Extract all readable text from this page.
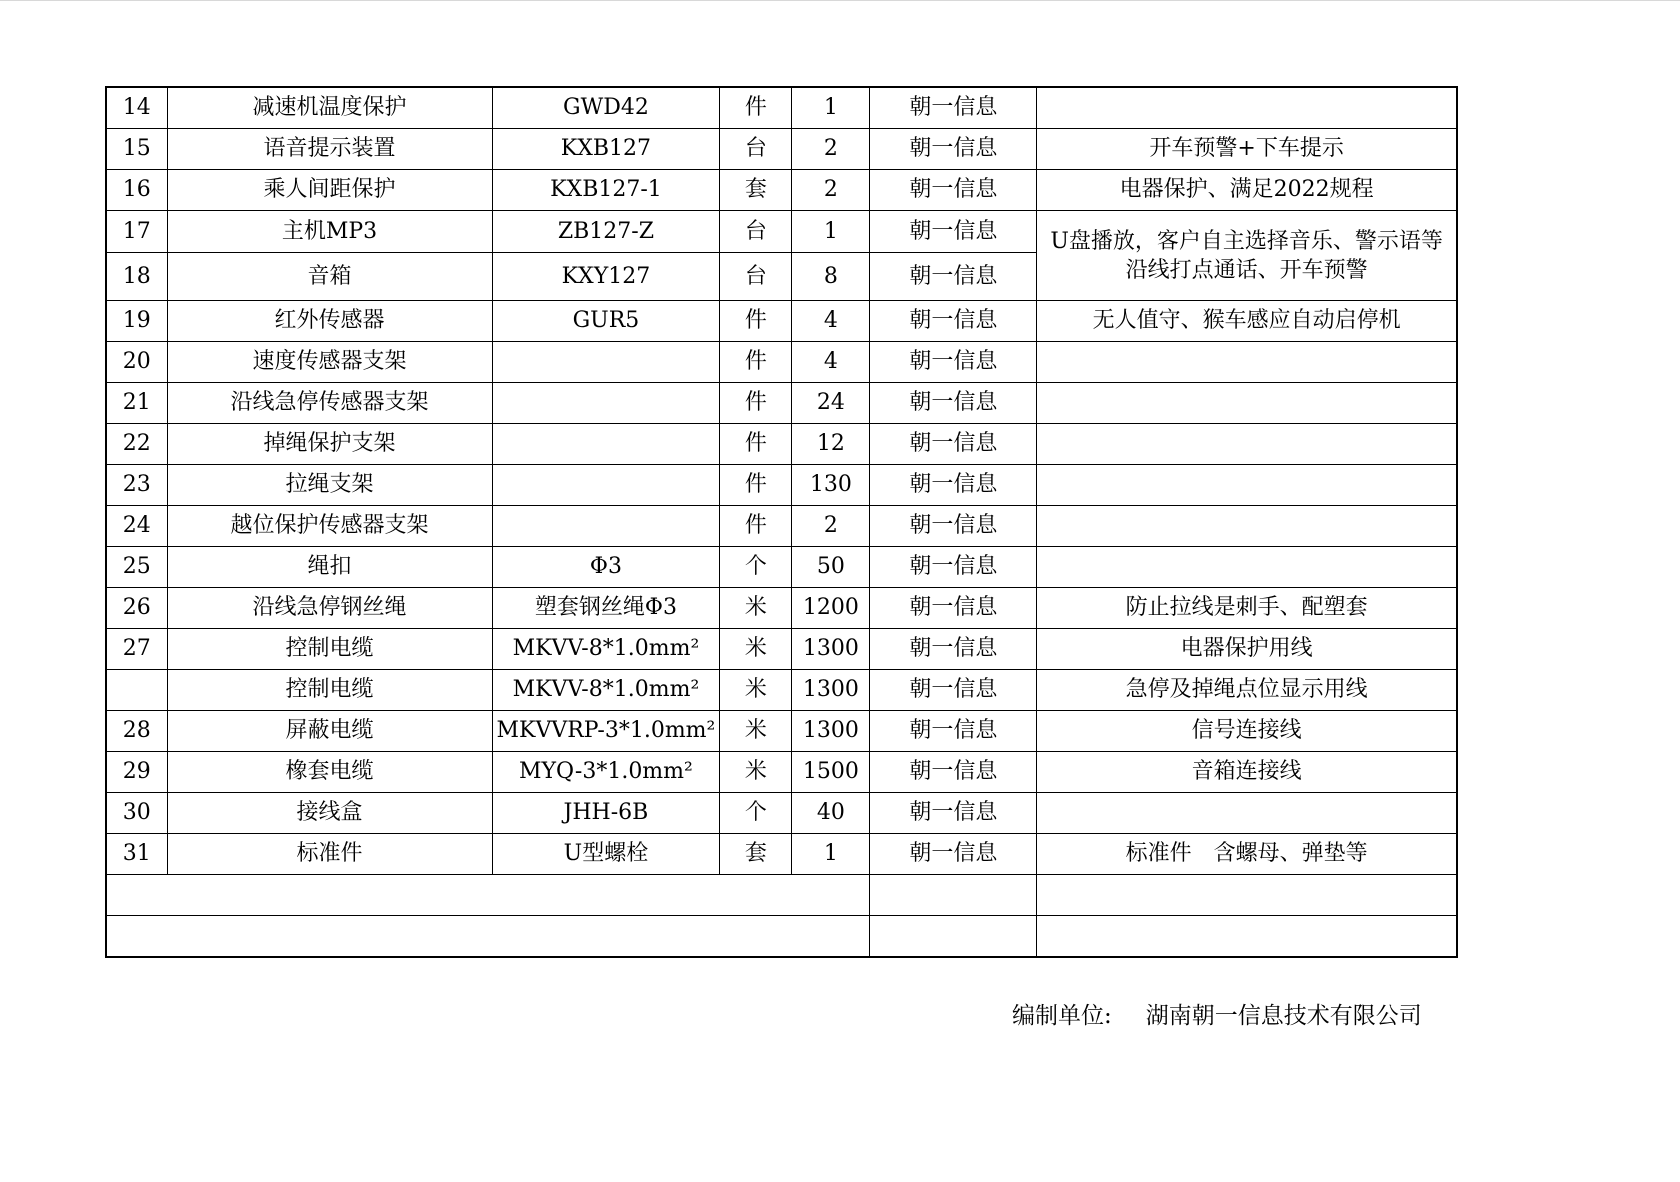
14	减速机温度保护	GWD42	件	1	朝一信息	
15	语音提示装置	KXB127	台	2	朝一信息	开车预警+下车提示
16	乘人间距保护	KXB127-1	套	2	朝一信息	电器保护、满足2022规程
17	主机MP3	ZB127-Z	台	1	朝一信息	U盘播放，客户自主选择音乐、警示语等沿线打点通话、开车预警
18	音箱	KXY127	台	8	朝一信息	
19	红外传感器	GUR5	件	4	朝一信息	无人值守、猴车感应自动启停机
20	速度传感器支架		件	4	朝一信息	
21	沿线急停传感器支架		件	24	朝一信息	
22	掉绳保护支架		件	12	朝一信息	
23	拉绳支架		件	130	朝一信息	
24	越位保护传感器支架		件	2	朝一信息	
25	绳扣	Φ3	个	50	朝一信息	
26	沿线急停钢丝绳	塑套钢丝绳Φ3	米	1200	朝一信息	防止拉线是刺手、配塑套
27	控制电缆	MKVV-8*1.0mm²	米	1300	朝一信息	电器保护用线
	控制电缆	MKVV-8*1.0mm²	米	1300	朝一信息	急停及掉绳点位显示用线
28	屏蔽电缆	MKVVRP-3*1.0mm²	米	1300	朝一信息	信号连接线
29	橡套电缆	MYQ-3*1.0mm²	米	1500	朝一信息	音箱连接线
30	接线盒	JHH-6B	个	40	朝一信息	
31	标准件	U型螺栓	套	1	朝一信息	标准件　含螺母、弹垫等

编制单位: 湖南朝一信息技术有限公司
